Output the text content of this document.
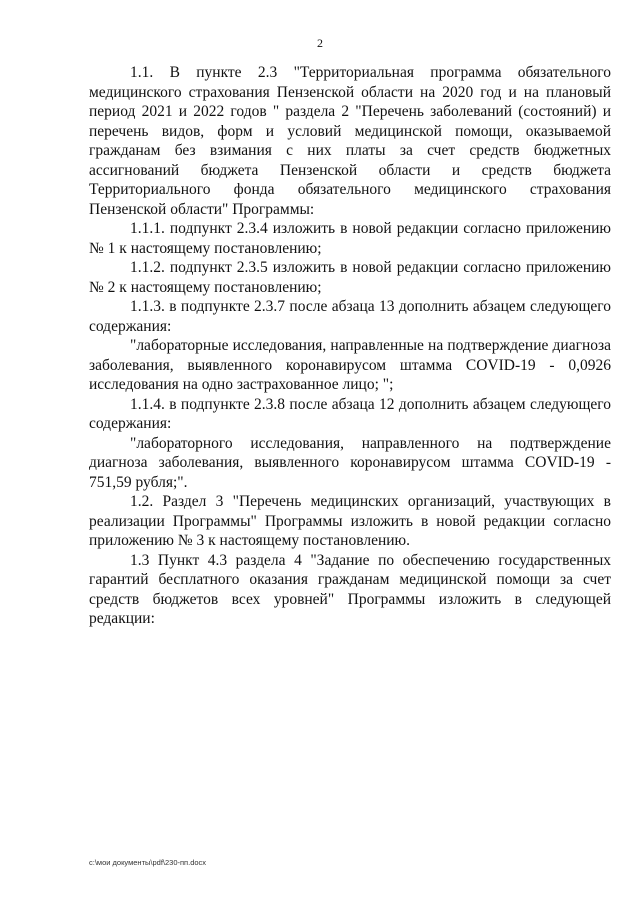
2

1.1. В пункте 2.3 "Территориальная программа обязательного медицинского страхования Пензенской области на 2020 год и на плановый период 2021 и 2022 годов " раздела 2 "Перечень заболеваний (состояний) и перечень видов, форм и условий медицинской помощи, оказываемой гражданам без взимания с них платы за счет средств бюджетных ассигнований бюджета Пензенской области и средств бюджета Территориального фонда обязательного медицинского страхования Пензенской области" Программы:

1.1.1. подпункт 2.3.4 изложить в новой редакции согласно приложению № 1 к настоящему постановлению;

1.1.2. подпункт 2.3.5 изложить в новой редакции согласно приложению № 2 к настоящему постановлению;

1.1.3. в подпункте 2.3.7 после абзаца 13 дополнить абзацем следующего содержания:

"лабораторные исследования, направленные на подтверждение диагноза заболевания, выявленного коронавирусом штамма COVID-19 - 0,0926 исследования на одно застрахованное лицо; ";

1.1.4. в подпункте 2.3.8 после абзаца 12 дополнить абзацем следующего содержания:

"лабораторного исследования, направленного на подтверждение диагноза заболевания, выявленного коронавирусом штамма COVID-19 - 751,59 рубля;".

1.2. Раздел 3 "Перечень медицинских организаций, участвующих в реализации Программы" Программы изложить в новой редакции согласно приложению № 3 к настоящему постановлению.

1.3 Пункт 4.3 раздела 4 "Задание по обеспечению государственных гарантий бесплатного оказания гражданам медицинской помощи за счет средств бюджетов всех уровней" Программы изложить в следующей редакции:

c:\мои документы\pdf\230-пп.docx
